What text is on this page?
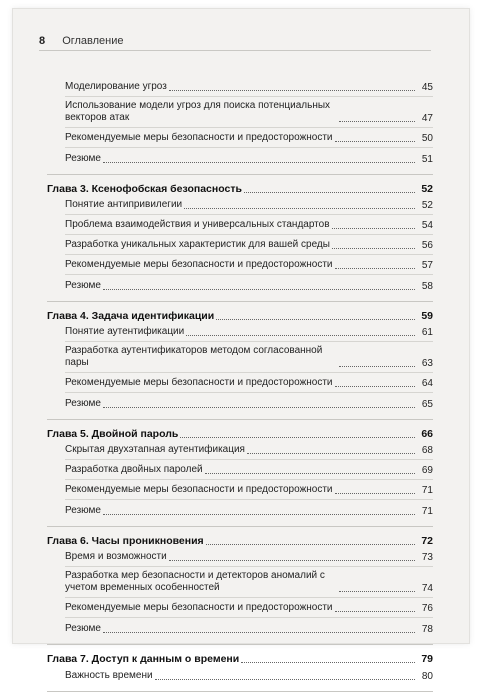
8 Оглавление
Моделирование угроз	45
Использование модели угроз для поиска потенциальных векторов атак	47
Рекомендуемые меры безопасности и предосторожности	50
Резюме	51
Глава 3. Ксенофобская безопасность	52
Понятие антипривилегии	52
Проблема взаимодействия и универсальных стандартов	54
Разработка уникальных характеристик для вашей среды	56
Рекомендуемые меры безопасности и предосторожности	57
Резюме	58
Глава 4. Задача идентификации	59
Понятие аутентификации	61
Разработка аутентификаторов методом согласованной пары	63
Рекомендуемые меры безопасности и предосторожности	64
Резюме	65
Глава 5. Двойной пароль	66
Скрытая двухэтапная аутентификация	68
Разработка двойных паролей	69
Рекомендуемые меры безопасности и предосторожности	71
Резюме	71
Глава 6. Часы проникновения	72
Время и возможности	73
Разработка мер безопасности и детекторов аномалий с учетом временных особенностей	74
Рекомендуемые меры безопасности и предосторожности	76
Резюме	78
Глава 7. Доступ к данным о времени	79
Важность времени	80
